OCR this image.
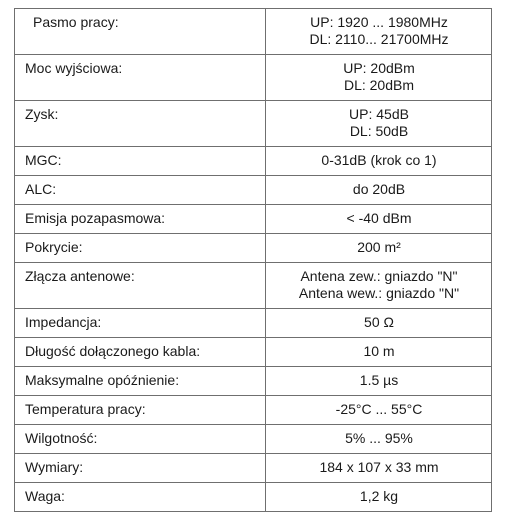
Pasmo pracy:	UP: 1920 ... 1980MHz
DL: 2110... 21700MHz

Moc wyjściowa:	UP: 20dBm
DL: 20dBm

Zysk:	UP: 45dB
DL: 50dB

MGC:	0-31dB (krok co 1)
ALC:	do 20dB
Emisja pozapasmowa:	< -40 dBm
Pokrycie:	200 m²
Złącza antenowe:	Antena zew.: gniazdo "N"
Antena wew.: gniazdo "N"

Impedancja:	50 Ω
Długość dołączonego kabla:	10 m
Maksymalne opóźnienie:	1.5 µs
Temperatura pracy:	-25°C ... 55°C
Wilgotność:	5% ... 95%
Wymiary:	184 x 107 x 33 mm
Waga:	1,2 kg
